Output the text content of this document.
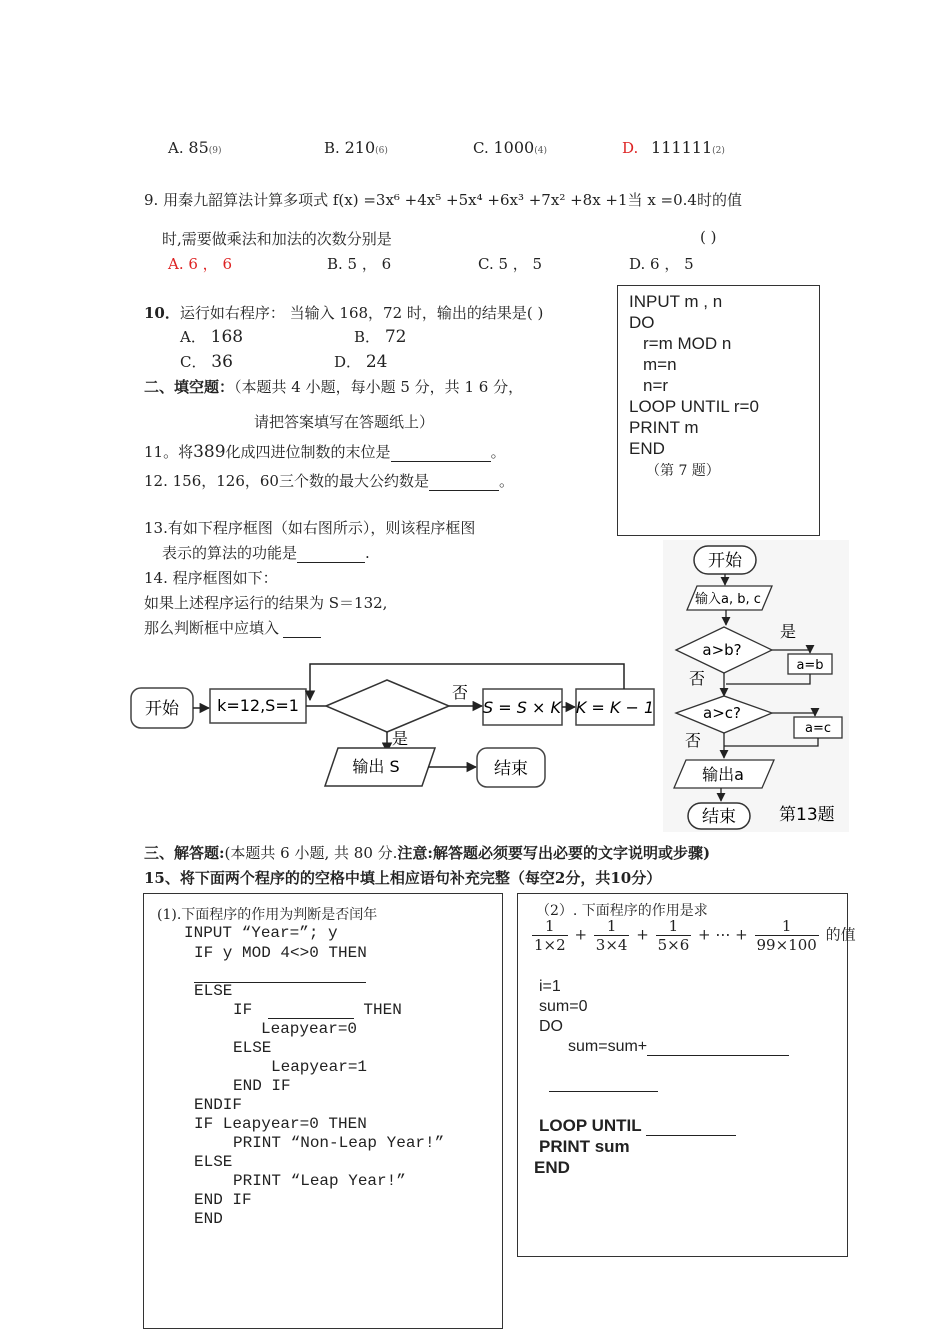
A. 85(9)	B. 210(6)	C. 1000(4)	D. 111111(2)
9. 用秦九韶算法计算多项式 f(x) =3x⁶ +4x⁵ +5x⁴ +6x³ +7x² +8x +1当 x =0.4时的值
时,需要做乘法和加法的次数分别是	( )
A. 6 ， 6	B. 5 ， 6	C. 5 ， 5	D. 6 ， 5
10．运行如右程序： 当输入 168，72 时，输出的结果是( )
A． 168	B． 72
C． 36	D． 24
INPUT m , n
DO
r=m MOD n
m=n
n=r
LOOP UNTIL r=0
PRINT m
END
（第 7 题）
二、填空题：（本题共 4 小题，每小题 5 分，共 1 6 分，
请把答案填写在答题纸上）
11。将389化成四进位制数的末位是	。
12. 156，126，60三个数的最大公约数是	。
13.有如下程序框图（如右图所示），则该程序框图
表示的算法的功能是	.
14. 程序框图如下：
如果上述程序运行的结果为 S＝132,
那么判断框中应填入
开始 k=12,S=1
否
S = S × K K = K − 1
是
输出 S	结束
开始
输入a, b, c
a>b?
是
a=b
否
a>c?
a=c
否
输出a
结束	第13题
三、解答题:(本题共 6 小题, 共 80 分.注意:解答题必须要写出必要的文字说明或步骤)
15、将下面两个程序的的空格中填上相应语句补充完整（每空2分，共10分）
(1).下面程序的作用为判断是否闰年
INPUT “Year=”; y
IF y MOD 4<>0 THEN
ELSE
IF	THEN
Leapyear=0
ELSE
Leapyear=1
END IF
ENDIF
IF Leapyear=0 THEN
PRINT “Non-Leap Year!”
ELSE
PRINT “Leap Year!”
END IF
END
（2）. 下面程序的作用是求
$\frac{1}{1\times 2} + \frac{1}{3\times 4} + \frac{1}{5\times 6}$ + ⋯ + $\frac{1}{99\times 100}$ 的值
i=1
sum=0
DO
sum=sum+
LOOP UNTIL
PRINT sum
END
